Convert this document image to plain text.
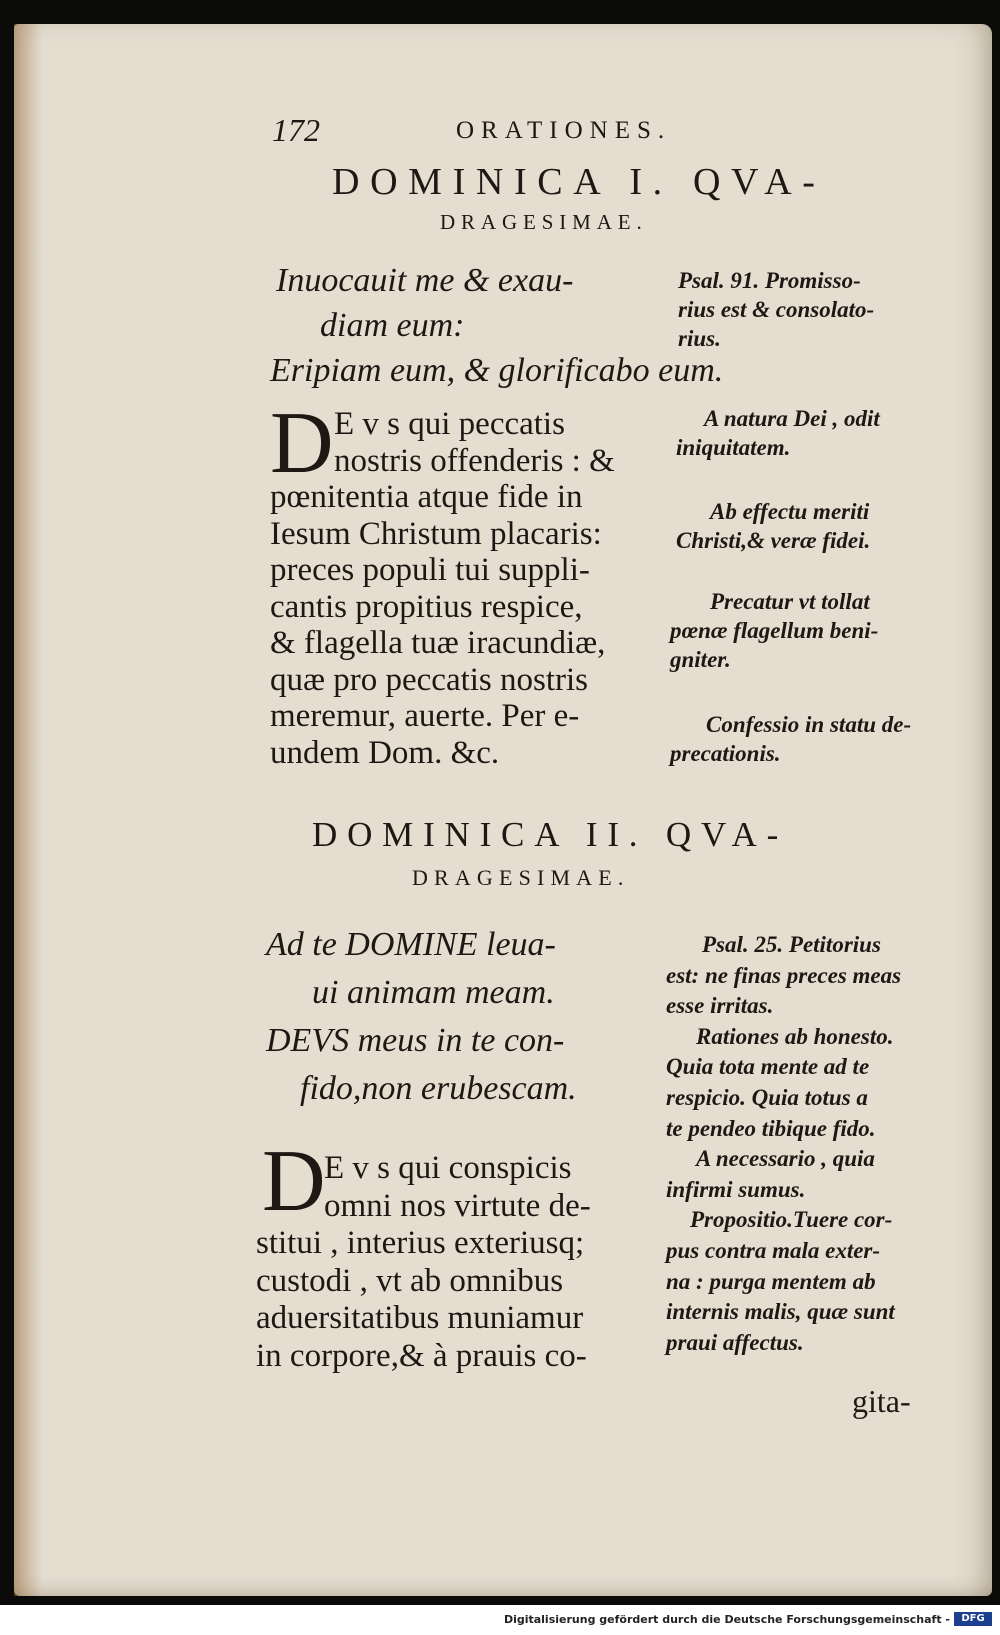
172	ORATIONES.
DOMINICA I. QVA-
DRAGESIMAE.
Inuocauit me & exau-
diam eum:
Eripiam eum, & glorificabo eum.
Psal. 91. Promisso-
rius est & consolato-
rius.
A natura Dei , odit
iniquitatem.
Ab effectu meriti
Christi,& veræ fidei.
Precatur vt tollat
pœnæ flagellum beni-
gniter.
Confessio in statu de-
precationis.
D E v s qui peccatis
nostris offenderis : &
pœnitentia atque fide in
Iesum Christum placaris:
preces populi tui suppli-
cantis propitius respice,
& flagella tuæ iracundiæ,
quæ pro peccatis nostris
meremur, auerte. Per e-
undem Dom. &c.
DOMINICA II. QVA-
DRAGESIMAE.
Ad te DOMINE leua-
ui animam meam.
DEVS meus in te con-
fido,non erubescam.
Psal. 25. Petitorius
est: ne finas preces meas
esse irritas.
Rationes ab honesto.
Quia tota mente ad te
respicio. Quia totus a
te pendeo tibique fido.
A necessario , quia
infirmi sumus.
Propositio.Tuere cor-
pus contra mala exter-
na : purga mentem ab
internis malis, quæ sunt
praui affectus.
D
E v s qui conspicis
omni nos virtute de-
stitui , interius exteriusq;
custodi , vt ab omnibus
aduersitatibus muniamur
in corpore,& à prauis co-
gita-
Digitalisierung gefördert durch die Deutsche Forschungsgemeinschaft -	DFG
